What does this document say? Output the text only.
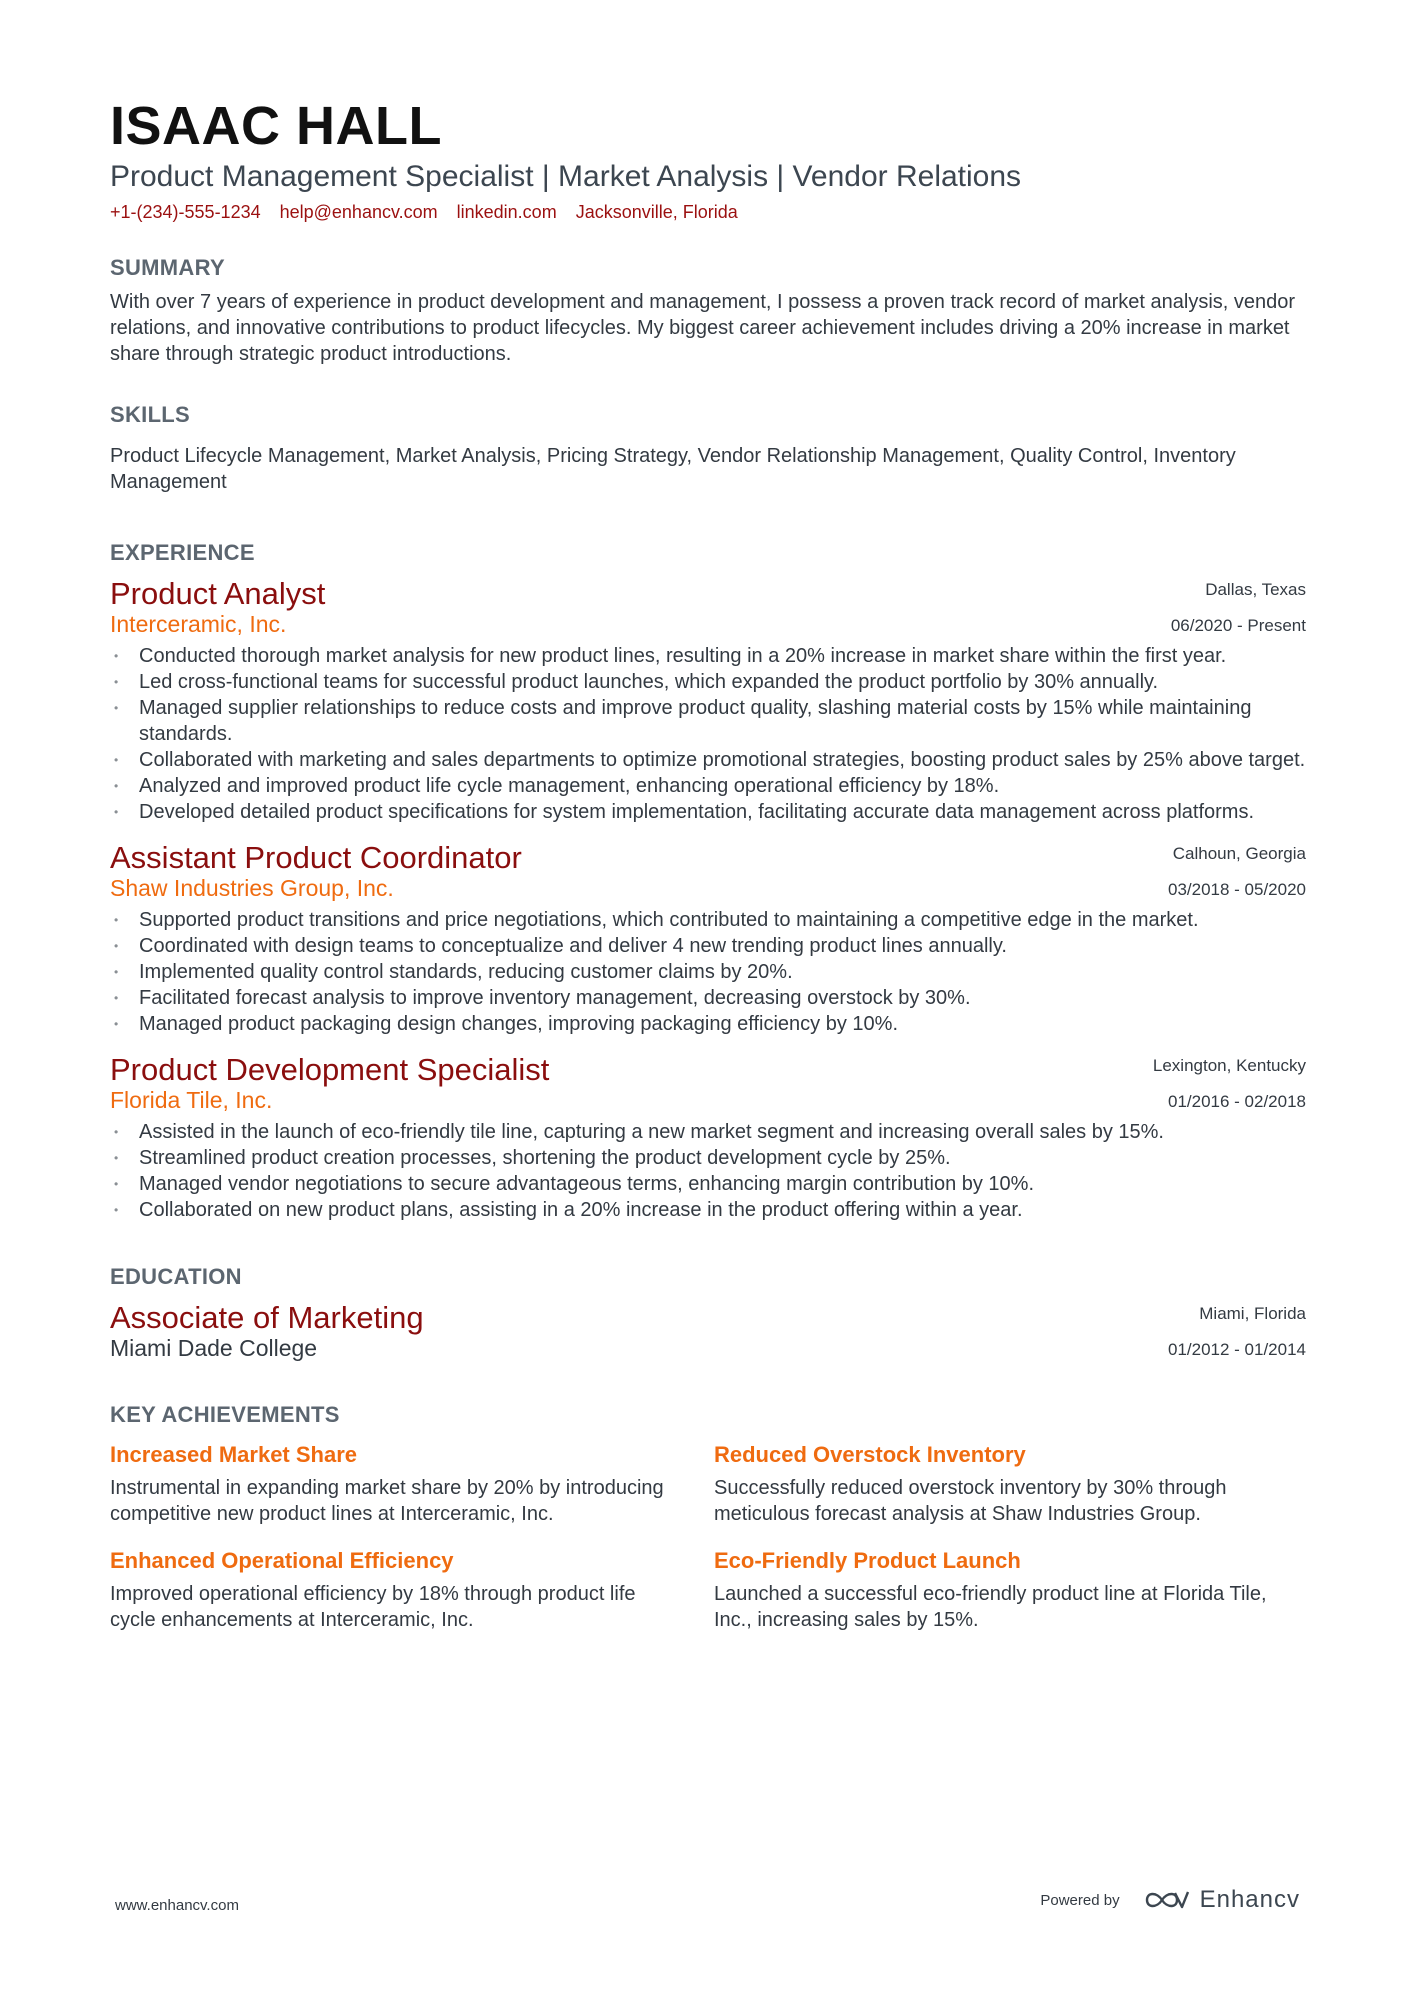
ISAAC HALL
Product Management Specialist | Market Analysis | Vendor Relations
+1-(234)-555-1234 help@enhancv.com linkedin.com Jacksonville, Florida
SUMMARY
With over 7 years of experience in product development and management, I possess a proven track record of market analysis, vendor relations, and innovative contributions to product lifecycles. My biggest career achievement includes driving a 20% increase in market share through strategic product introductions.
SKILLS
Product Lifecycle Management, Market Analysis, Pricing Strategy, Vendor Relationship Management, Quality Control, Inventory Management
EXPERIENCE
Dallas, Texas
06/2020 - Present
Product Analyst
Interceramic, Inc.
• Conducted thorough market analysis for new product lines, resulting in a 20% increase in market share within the first year.
• Led cross-functional teams for successful product launches, which expanded the product portfolio by 30% annually.
• Managed supplier relationships to reduce costs and improve product quality, slashing material costs by 15% while maintaining standards.
• Collaborated with marketing and sales departments to optimize promotional strategies, boosting product sales by 25% above target.
• Analyzed and improved product life cycle management, enhancing operational efficiency by 18%.
• Developed detailed product specifications for system implementation, facilitating accurate data management across platforms.
Calhoun, Georgia
03/2018 - 05/2020
Assistant Product Coordinator
Shaw Industries Group, Inc.
• Supported product transitions and price negotiations, which contributed to maintaining a competitive edge in the market.
• Coordinated with design teams to conceptualize and deliver 4 new trending product lines annually.
• Implemented quality control standards, reducing customer claims by 20%.
• Facilitated forecast analysis to improve inventory management, decreasing overstock by 30%.
• Managed product packaging design changes, improving packaging efficiency by 10%.
Lexington, Kentucky
01/2016 - 02/2018
Product Development Specialist
Florida Tile, Inc.
• Assisted in the launch of eco-friendly tile line, capturing a new market segment and increasing overall sales by 15%.
• Streamlined product creation processes, shortening the product development cycle by 25%.
• Managed vendor negotiations to secure advantageous terms, enhancing margin contribution by 10%.
• Collaborated on new product plans, assisting in a 20% increase in the product offering within a year.
EDUCATION
Miami, Florida
01/2012 - 01/2014
Associate of Marketing
Miami Dade College
KEY ACHIEVEMENTS
Increased Market Share
Instrumental in expanding market share by 20% by introducing competitive new product lines at Interceramic, Inc.
Reduced Overstock Inventory
Successfully reduced overstock inventory by 30% through meticulous forecast analysis at Shaw Industries Group.
Enhanced Operational Efficiency
Improved operational efficiency by 18% through product life cycle enhancements at Interceramic, Inc.
Eco-Friendly Product Launch
Launched a successful eco-friendly product line at Florida Tile, Inc., increasing sales by 15%.
www.enhancv.com	Powered by	Enhancv
